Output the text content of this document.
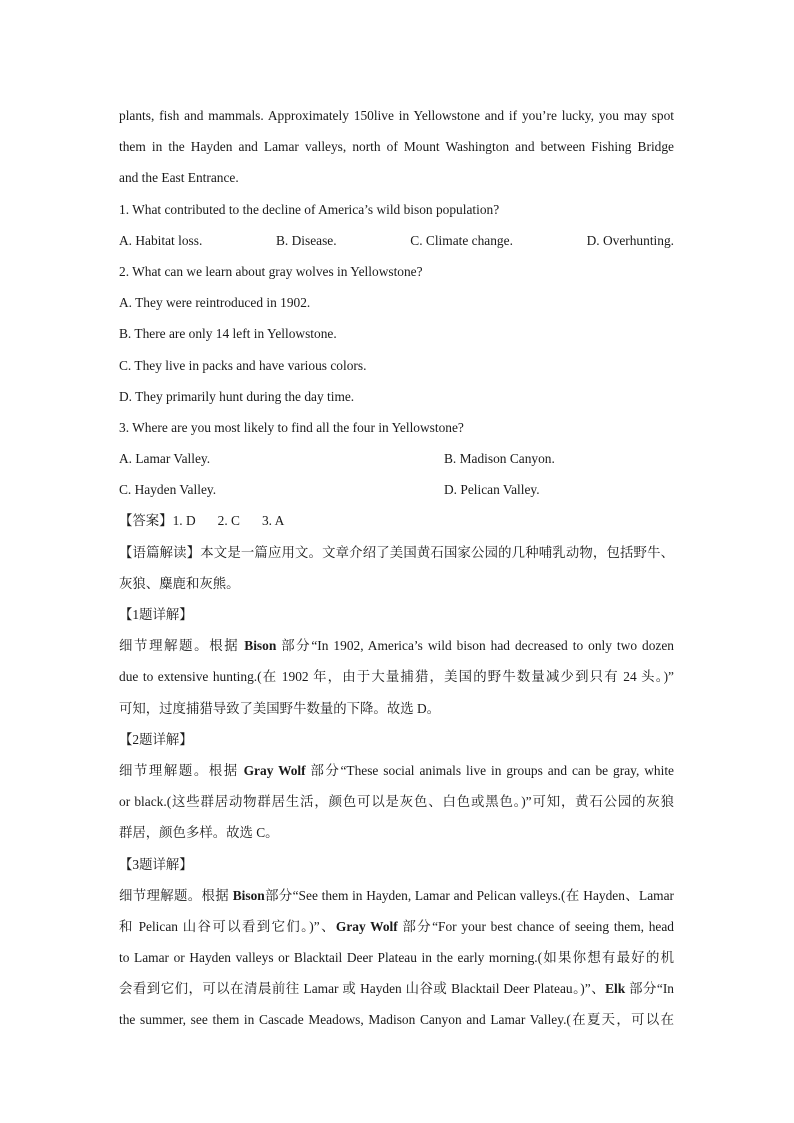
plants, fish and mammals. Approximately 150live in Yellowstone and if you’re lucky, you may spot
them in the Hayden and Lamar valleys, north of Mount Washington and between Fishing Bridge
and the East Entrance.
1. What contributed to the decline of America’s wild bison population?
A. Habitat loss.	B. Disease.	C. Climate change.	D. Overhunting.
2. What can we learn about gray wolves in Yellowstone?
A. They were reintroduced in 1902.
B. There are only 14 left in Yellowstone.
C. They live in packs and have various colors.
D. They primarily hunt during the day time.
3. Where are you most likely to find all the four in Yellowstone?
A. Lamar Valley.	B. Madison Canyon.
C. Hayden Valley.	D. Pelican Valley.
【答案】1. D 2. C 3. A
【语篇解读】本文是一篇应用文。文章介绍了美国黄石国家公园的几种哺乳动物，包括野牛、
灰狼、麋鹿和灰熊。
【1题详解】
细节理解题。根据 Bison 部分“In 1902, America’s wild bison had decreased to only two dozen
due to extensive hunting.(在 1902 年，由于大量捕猎，美国的野牛数量减少到只有 24 头。)”
可知，过度捕猎导致了美国野牛数量的下降。故选 D。
【2题详解】
细节理解题。根据 Gray Wolf 部分“These social animals live in groups and can be gray, white
or black.(这些群居动物群居生活，颜色可以是灰色、白色或黑色。)”可知，黄石公园的灰狼
群居，颜色多样。故选 C。
【3题详解】
细节理解题。根据 Bison部分“See them in Hayden, Lamar and Pelican valleys.(在 Hayden、Lamar
和 Pelican 山谷可以看到它们。)”、Gray Wolf 部分“For your best chance of seeing them, head
to Lamar or Hayden valleys or Blacktail Deer Plateau in the early morning.(如果你想有最好的机
会看到它们，可以在清晨前往 Lamar 或 Hayden 山谷或 Blacktail Deer Plateau。)”、Elk 部分“In
the summer, see them in Cascade Meadows, Madison Canyon and Lamar Valley.(在夏天，可以在
